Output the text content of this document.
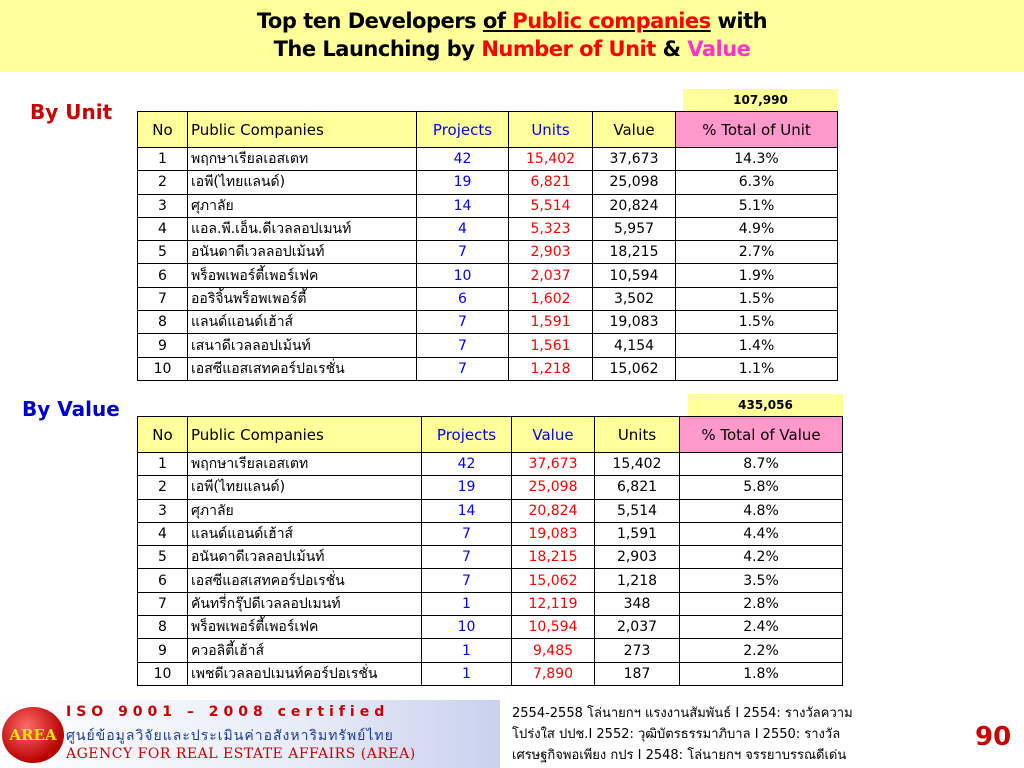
Top ten Developers of Public companies with
The Launching by Number of Unit & Value
By Unit	107,990
No	Public Companies	Projects	Units	Value	% Total of Unit
1	พฤกษาเรียลเอสเตท	42	15,402	37,673	14.3%
2	เอพี(ไทยแลนด์)	19	6,821	25,098	6.3%
3	ศุภาลัย	14	5,514	20,824	5.1%
4	แอล.พี.เอ็น.ดีเวลลอปเมนท์	4	5,323	5,957	4.9%
5	อนันดาดีเวลลอปเม้นท์	7	2,903	18,215	2.7%
6	พร็อพเพอร์ตี้เพอร์เฟค	10	2,037	10,594	1.9%
7	ออริจิ้นพร็อพเพอร์ตี้	6	1,602	3,502	1.5%
8	แลนด์แอนด์เฮ้าส์	7	1,591	19,083	1.5%
9	เสนาดีเวลลอปเม้นท์	7	1,561	4,154	1.4%
10	เอสซีแอสเสทคอร์ปอเรชั่น	7	1,218	15,062	1.1%
By Value	435,056
No	Public Companies	Projects	Value	Units	% Total of Value
1	พฤกษาเรียลเอสเตท	42	37,673	15,402	8.7%
2	เอพี(ไทยแลนด์)	19	25,098	6,821	5.8%
3	ศุภาลัย	14	20,824	5,514	4.8%
4	แลนด์แอนด์เฮ้าส์	7	19,083	1,591	4.4%
5	อนันดาดีเวลลอปเม้นท์	7	18,215	2,903	4.2%
6	เอสซีแอสเสทคอร์ปอเรชั่น	7	15,062	1,218	3.5%
7	คันทรี่กรุ๊ปดีเวลลอปเมนท์	1	12,119	348	2.8%
8	พร็อพเพอร์ตี้เพอร์เฟค	10	10,594	2,037	2.4%
9	ควอลิตี้เฮ้าส์	1	9,485	273	2.2%
10	เพชดีเวลลอปเมนท์คอร์ปอเรชั่น	1	7,890	187	1.8%
AREA
ISO 9001 – 2008 certified
ศูนย์ข้อมูลวิจัยและประเมินค่าอสังหาริมทรัพย์ไทย
AGENCY FOR REAL ESTATE AFFAIRS (AREA)
2554-2558 โล่นายกฯ แรงงานสัมพันธ์ I 2554: รางวัลความ
โปร่งใส ปปช.I 2552: วุฒิบัตรธรรมาภิบาล I 2550: รางวัล
เศรษฐกิจพอเพียง กปร I 2548: โล่นายกฯ จรรยาบรรณดีเด่น
90
